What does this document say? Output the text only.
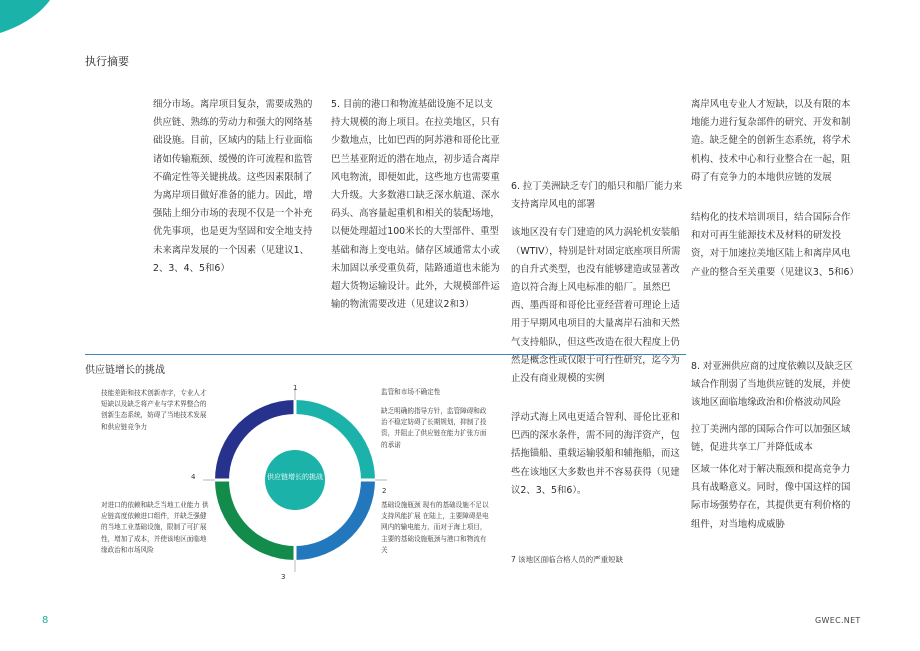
执行摘要

细分市场。离岸项目复杂，需要成熟的供应链、熟练的劳动力和强大的网络基础设施。目前，区域内的陆上行业面临诸如传输瓶颈、缓慢的许可流程和监管不确定性等关键挑战。这些因素限制了为离岸项目做好准备的能力。因此，增强陆上细分市场的表现不仅是一个补充优先事项，也是更为坚固和安全地支持未来离岸发展的一个因素（见建议1、2、3、4、5和6）

5. 目前的港口和物流基础设施不足以支持大规模的海上项目。在拉美地区，只有少数地点，比如巴西的阿苏港和哥伦比亚巴兰基亚附近的潜在地点，初步适合离岸风电物流，即便如此，这些地方也需要重大升级。大多数港口缺乏深水航道、深水码头、高容量起重机和相关的装配场地，以便处理超过100米长的大型部件、重型基础和海上变电站。储存区域通常太小或未加固以承受重负荷，陆路通道也未能为超大货物运输设计。此外，大规模部件运输的物流需要改进（见建议2和3）

6. 拉丁美洲缺乏专门的船只和船厂能力来支持离岸风电的部署

该地区没有专门建造的风力涡轮机安装船（WTIV），特别是针对固定底座项目所需的自升式类型，也没有能够建造或显著改造以符合海上风电标准的船厂。虽然巴西、墨西哥和哥伦比亚经营着可理论上适用于早期风电项目的大量离岸石油和天然气支持船队，但这些改造在很大程度上仍然是概念性或仅限于可行性研究，迄今为止没有商业规模的实例

离岸风电专业人才短缺，以及有限的本地能力进行复杂部件的研究、开发和制造。缺乏健全的创新生态系统，将学术机构、技术中心和行业整合在一起，阻碍了有竞争力的本地供应链的发展

结构化的技术培训项目，结合国际合作和对可再生能源技术及材料的研发投资，对于加速拉美地区陆上和离岸风电产业的整合至关重要（见建议3、5和6）

供应链增长的挑战
供应链增长的挑战
1
2
3
4
监管和市场不确定性
缺乏明确的指导方针，监管障碍和政治不稳定妨碍了长期规划，抑制了投资，并阻止了供应链在能力扩张方面的承诺
基础设施瓶颈 现有的基础设施不足以支持风能扩展 在陆上，主要障碍是电网内的输电能力，而对于海上项目，主要的基础设施瓶颈与港口和物流有关
对进口的依赖和缺乏当地工业能力 供应链高度依赖进口组件，并缺乏强健的当地工业基础设施，限制了可扩展性，增加了成本，并使该地区面临地缘政治和市场风险
技能差距和技术创新赤字，专业人才短缺以及缺乏将产业与学术界整合的创新生态系统，妨碍了当地技术发展和供应链竞争力
浮动式海上风电更适合智利、哥伦比亚和巴西的深水条件，需不同的海洋资产，包括拖锚船、重载运输驳船和辅拖船，而这些在该地区大多数也并不容易获得（见建议2、3、5和6）。
7 该地区面临合格人员的严重短缺

8. 对亚洲供应商的过度依赖以及缺乏区域合作削弱了当地供应链的发展，并使该地区面临地缘政治和价格波动风险

拉丁美洲内部的国际合作可以加强区域链，促进共享工厂并降低成本

区域一体化对于解决瓶颈和提高竞争力具有战略意义。同时，像中国这样的国际市场强势存在，其提供更有利价格的组件，对当地构成威胁

8	GWEC.NET
